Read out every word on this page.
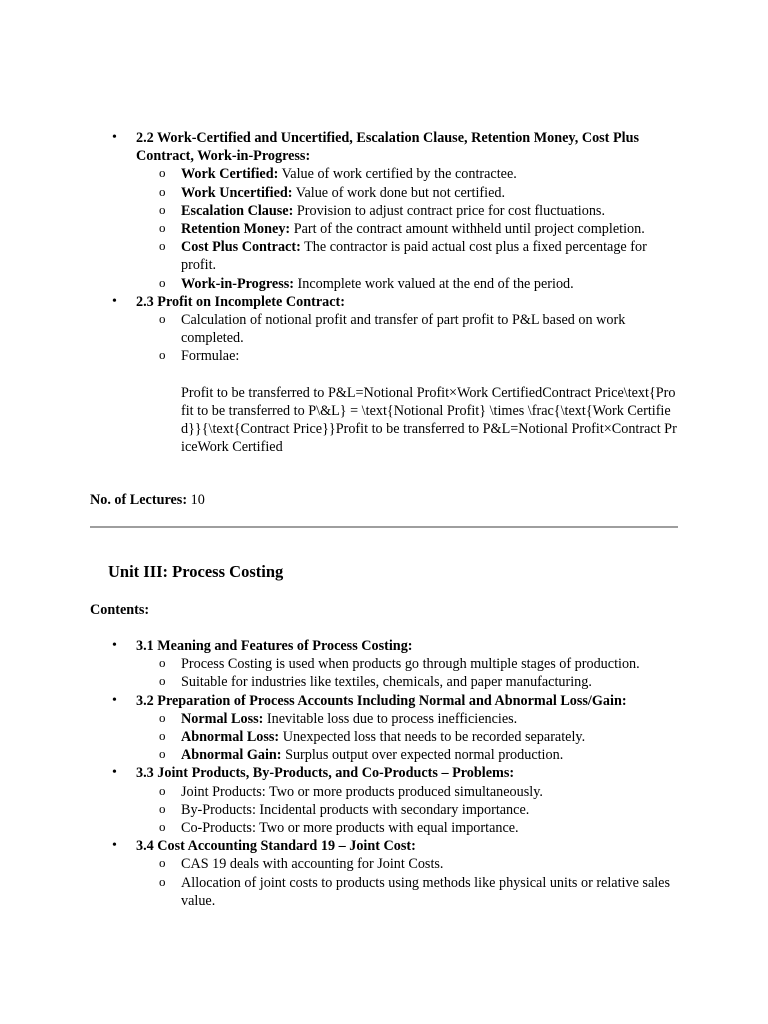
• 2.2 Work-Certified and Uncertified, Escalation Clause, Retention Money, Cost Plus Contract, Work-in-Progress:
o Work Certified: Value of work certified by the contractee.
o Work Uncertified: Value of work done but not certified.
o Escalation Clause: Provision to adjust contract price for cost fluctuations.
o Retention Money: Part of the contract amount withheld until project completion.
o Cost Plus Contract: The contractor is paid actual cost plus a fixed percentage for profit.
o Work-in-Progress: Incomplete work valued at the end of the period.
• 2.3 Profit on Incomplete Contract:
o Calculation of notional profit and transfer of part profit to P&L based on work completed.
o Formulae:
Profit to be transferred to P&L=Notional Profit×Work CertifiedContract Price\text{Profit to be transferred to P\&L} = \text{Notional Profit} \times \frac{\text{Work Certified}}{\text{Contract Price}}Profit to be transferred to P&L=Notional Profit×Contract PriceWork Certified
No. of Lectures: 10
Unit III: Process Costing
Contents:
• 3.1 Meaning and Features of Process Costing:
o Process Costing is used when products go through multiple stages of production.
o Suitable for industries like textiles, chemicals, and paper manufacturing.
• 3.2 Preparation of Process Accounts Including Normal and Abnormal Loss/Gain:
o Normal Loss: Inevitable loss due to process inefficiencies.
o Abnormal Loss: Unexpected loss that needs to be recorded separately.
o Abnormal Gain: Surplus output over expected normal production.
• 3.3 Joint Products, By-Products, and Co-Products – Problems:
o Joint Products: Two or more products produced simultaneously.
o By-Products: Incidental products with secondary importance.
o Co-Products: Two or more products with equal importance.
• 3.4 Cost Accounting Standard 19 – Joint Cost:
o CAS 19 deals with accounting for Joint Costs.
o Allocation of joint costs to products using methods like physical units or relative sales value.
